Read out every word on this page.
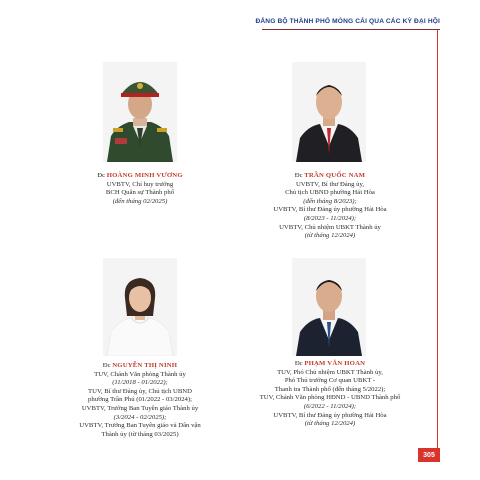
ĐẢNG BỘ THÀNH PHỐ MÓNG CÁI QUA CÁC KỲ ĐẠI HỘI
Đc HOÀNG MINH VƯƠNG
UVBTV, Chỉ huy trưởng
BCH Quân sự Thành phố
(đến tháng 02/2025)
Đc TRẦN QUỐC NAM
UVBTV, Bí thư Đảng ủy,
Chủ tịch UBND phường Hải Hòa
(đến tháng 8/2023);
UVBTV, Bí thư Đảng ủy phường Hải Hòa
(8/2023 - 11/2024);
UVBTV, Chủ nhiệm UBKT Thành ủy
(từ tháng 12/2024)
Đc NGUYỄN THỊ NINH
TUV, Chánh Văn phòng Thành ủy
(11/2018 - 01/2022);
TUV, Bí thư Đảng ủy, Chủ tịch UBND
phường Trần Phú (01/2022 - 03/2024);
UVBTV, Trưởng Ban Tuyên giáo Thành ủy
(3/2024 - 02/2025);
UVBTV, Trưởng Ban Tuyên giáo và Dân vận
Thành ủy (từ tháng 03/2025)
Đc PHẠM VĂN HOAN
TUV, Phó Chủ nhiệm UBKT Thành ủy,
Phó Thủ trưởng Cơ quan UBKT -
Thanh tra Thành phố (đến tháng 5/2022);
TUV, Chánh Văn phòng HĐND - UBND Thành phố
(6/2022 - 11/2024);
UVBTV, Bí thư Đảng ủy phường Hải Hòa
(từ tháng 12/2024)
305
